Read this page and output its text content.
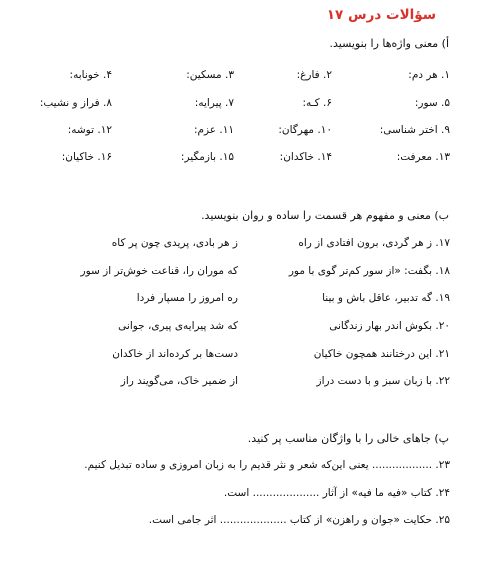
سؤالات درس ۱۷
أ) معنی واژه‌ها را بنویسید.
۱. هر دم:
۲. فارغ:
۳. مسکین:
۴. خونابه:
۵. سور:
۶. کـه:
۷. پیرایه:
۸. فراز و نشیب:
۹. اختر شناسی:
۱۰. مهرگان:
۱۱. عزم:
۱۲. توشه:
۱۳. معرفت:
۱۴. خاکدان:
۱۵. بازمگیر:
۱۶. خاکیان:
ب) معنی و مفهوم هر قسمت را ساده و روان بنویسید.
۱۷. ز هر گردی، برون افتادی از راه
ز هر بادی، پریدی چون پر کاه
۱۸. بگفت: «از سور کم‌تر گوی با مور
که موران را، قناعت خوش‌تر از سور
۱۹. گه تدبیر، عاقل باش و بینا
ره امروز را مسپار فردا
۲۰. بکوش اندر بهار زندگانی
که شد پیرایه‌ی پیری، جوانی
۲۱. این درختانند همچون خاکیان
دست‌ها بر کرده‌اند از خاکدان
۲۲. با زبان سبز و با دست دراز
از ضمیر خاک، می‌گویند راز
پ) جاهای خالی را با واژگان مناسب پر کنید.
۲۳. .................. یعنی این‌که شعر و نثر قدیم را به زبان امروزی و ساده تبدیل کنیم.
۲۴. کتاب «فیه ما فیه» از آثار .................... است.
۲۵. حکایت «جوان و راهزن» از کتاب .................... اثر جامی است.
